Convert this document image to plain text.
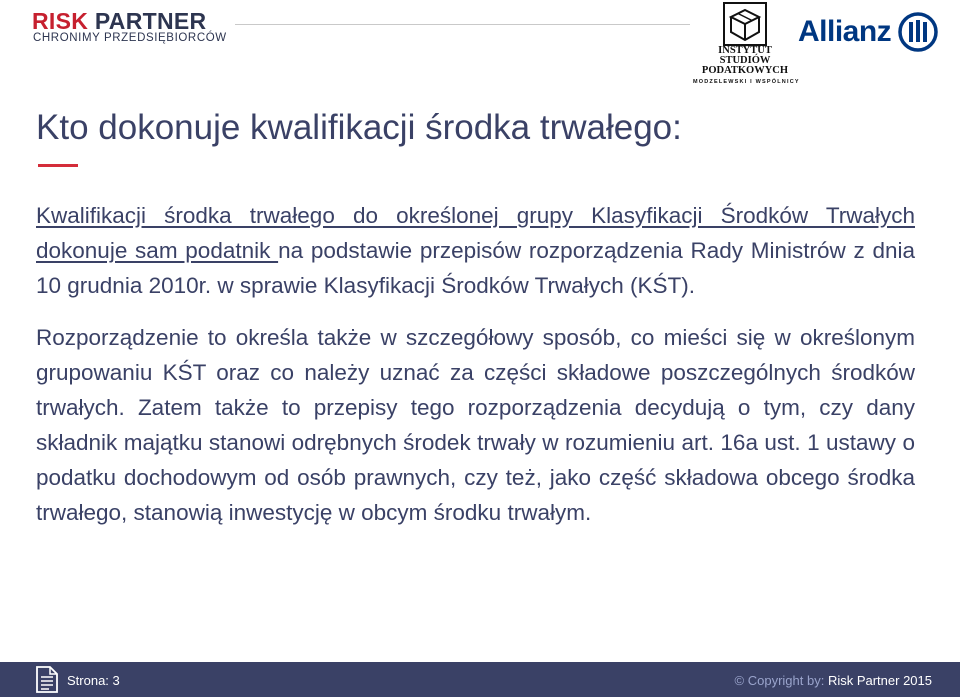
RISK PARTNER
CHRONIMY PRZEDSIĘBIORCÓW
INSTYTUT
STUDIÓW
PODATKOWYCH
MODZELEWSKI I WSPÓLNICY
Allianz
Kto dokonuje kwalifikacji środka trwałego:

Kwalifikacji środka trwałego do określonej grupy Klasyfikacji Środków Trwałych dokonuje sam podatnik na podstawie przepisów rozporządzenia Rady Ministrów z dnia 10 grudnia 2010r. w sprawie Klasyfikacji Środków Trwałych (KŚT).

Rozporządzenie to określa także w szczegółowy sposób, co mieści się w określonym grupowaniu KŚT oraz co należy uznać za części składowe poszczególnych środków trwałych. Zatem także to przepisy tego rozporządzenia decydują o tym, czy dany składnik majątku stanowi odrębnych środek trwały w rozumieniu art. 16a ust. 1 ustawy o podatku dochodowym od osób prawnych, czy też, jako część składowa obcego środka trwałego, stanowią inwestycję w obcym środku trwałym.

Strona: 3	© Copyright by: Risk Partner 2015
